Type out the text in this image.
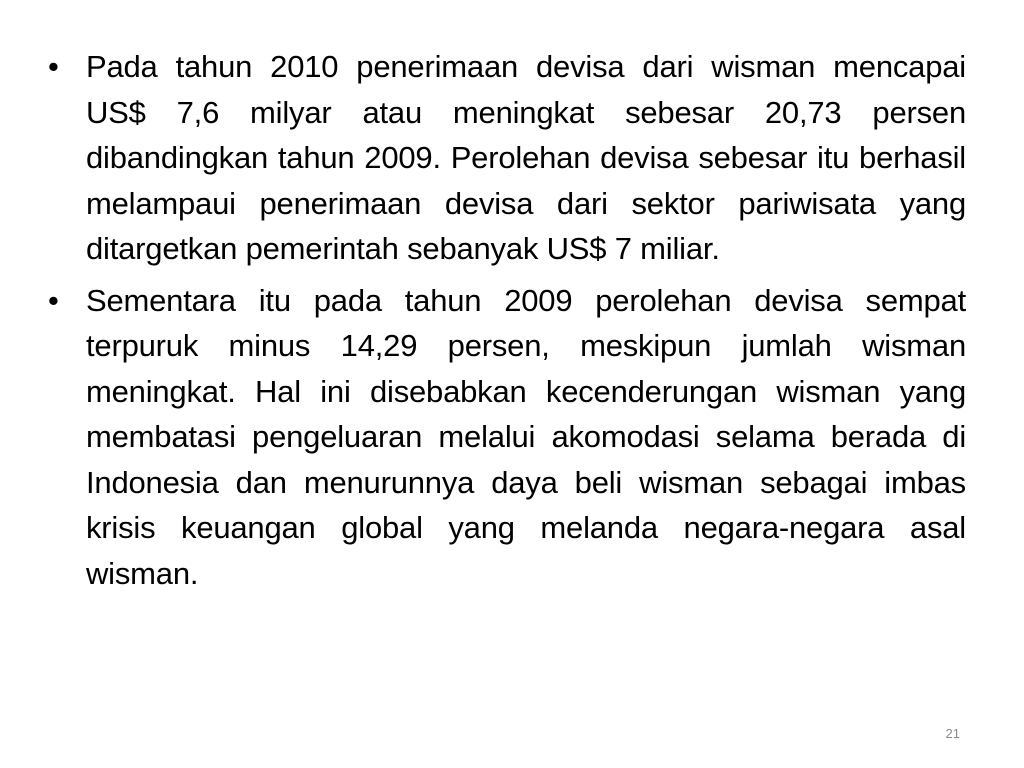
• Pada tahun 2010 penerimaan devisa dari wisman mencapai US$ 7,6 milyar atau meningkat sebesar 20,73 persen dibandingkan tahun 2009. Perolehan devisa sebesar itu berhasil melampaui penerimaan devisa dari sektor pariwisata yang ditargetkan pemerintah sebanyak US$ 7 miliar.
• Sementara itu pada tahun 2009 perolehan devisa sempat terpuruk minus 14,29 persen, meskipun jumlah wisman meningkat. Hal ini disebabkan kecenderungan wisman yang membatasi pengeluaran melalui akomodasi selama berada di Indonesia dan menurunnya daya beli wisman sebagai imbas krisis keuangan global yang melanda negara-negara asal wisman.
21
